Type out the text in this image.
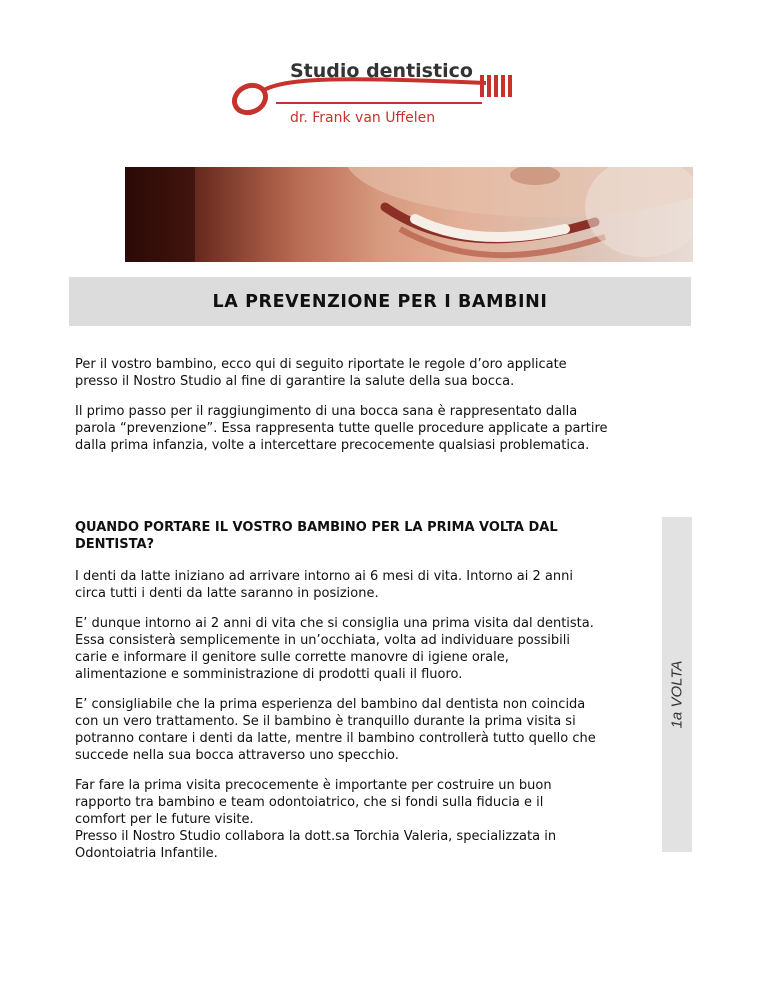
Studio dentistico
dr. Frank van Uffelen
LA PREVENZIONE PER I BAMBINI

Per il vostro bambino, ecco qui di seguito riportate le regole d’oro applicate
presso il Nostro Studio al fine di garantire la salute della sua bocca.

Il primo passo per il raggiungimento di una bocca sana è rappresentato dalla
parola “prevenzione”. Essa rappresenta tutte quelle procedure applicate a partire
dalla prima infanzia, volte a intercettare precocemente qualsiasi problematica.

1a VOLTA

QUANDO PORTARE IL VOSTRO BAMBINO PER LA PRIMA VOLTA DAL
DENTISTA?

I denti da latte iniziano ad arrivare intorno ai 6 mesi di vita. Intorno ai 2 anni
circa tutti i denti da latte saranno in posizione.

E’ dunque intorno ai 2 anni di vita che si consiglia una prima visita dal dentista.
Essa consisterà semplicemente in un’occhiata, volta ad individuare possibili
carie e informare il genitore sulle corrette manovre di igiene orale,
alimentazione e somministrazione di prodotti quali il fluoro.

E’ consigliabile che la prima esperienza del bambino dal dentista non coincida
con un vero trattamento. Se il bambino è tranquillo durante la prima visita si
potranno contare i denti da latte, mentre il bambino controllerà tutto quello che
succede nella sua bocca attraverso uno specchio.

Far fare la prima visita precocemente è importante per costruire un buon
rapporto tra bambino e team odontoiatrico, che si fondi sulla fiducia e il
comfort per le future visite.
Presso il Nostro Studio collabora la dott.sa Torchia Valeria, specializzata in
Odontoiatria Infantile.
